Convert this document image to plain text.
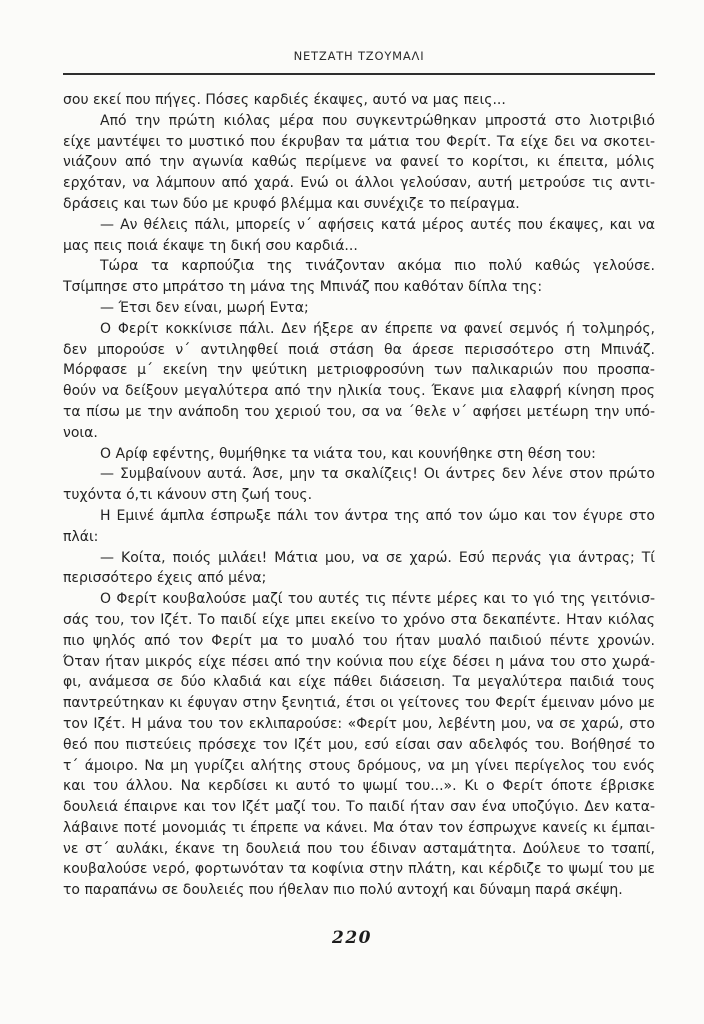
ΝΕΤΖΑΤΗ ΤΖΟΥΜΑΛΙ
σου εκεί που πήγες. Πόσες καρδιές έκαψες, αυτό να μας πεις...
Από την πρώτη κιόλας μέρα που συγκεντρώθηκαν μπροστά στο λιοτριβιό
είχε μαντέψει το μυστικό που έκρυβαν τα μάτια του Φερίτ. Τα είχε δει να σκοτει-
νιάζουν από την αγωνία καθώς περίμενε να φανεί το κορίτσι, κι έπειτα, μόλις
ερχόταν, να λάμπουν από χαρά. Ενώ οι άλλοι γελούσαν, αυτή μετρούσε τις αντι-
δράσεις και των δύο με κρυφό βλέμμα και συνέχιζε το πείραγμα.
— Αν θέλεις πάλι, μπορείς ν΄ αφήσεις κατά μέρος αυτές που έκαψες, και να
μας πεις ποιά έκαψε τη δική σου καρδιά...
Τώρα τα καρπούζια της τινάζονταν ακόμα πιο πολύ καθώς γελούσε.
Τσίμπησε στο μπράτσο τη μάνα της Μπινάζ που καθόταν δίπλα της:
— Έτσι δεν είναι, μωρή Εντα;
Ο Φερίτ κοκκίνισε πάλι. Δεν ήξερε αν έπρεπε να φανεί σεμνός ή τολμηρός,
δεν μπορούσε ν΄ αντιληφθεί ποιά στάση θα άρεσε περισσότερο στη Μπινάζ.
Μόρφασε μ΄ εκείνη την ψεύτικη μετριοφροσύνη των παλικαριών που προσπα-
θούν να δείξουν μεγαλύτερα από την ηλικία τους. Έκανε μια ελαφρή κίνηση προς
τα πίσω με την ανάποδη του χεριού του, σα να ΄θελε ν΄ αφήσει μετέωρη την υπό-
νοια.
Ο Αρίφ εφέντης, θυμήθηκε τα νιάτα του, και κουνήθηκε στη θέση του:
— Συμβαίνουν αυτά. Άσε, μην τα σκαλίζεις! Οι άντρες δεν λένε στον πρώτο
τυχόντα ό,τι κάνουν στη ζωή τους.
Η Εμινέ άμπλα έσπρωξε πάλι τον άντρα της από τον ώμο και τον έγυρε στο
πλάι:
— Κοίτα, ποιός μιλάει! Μάτια μου, να σε χαρώ. Εσύ περνάς για άντρας; Τί
περισσότερο έχεις από μένα;
Ο Φερίτ κουβαλούσε μαζί του αυτές τις πέντε μέρες και το γιό της γειτόνισ-
σάς του, τον Ιζέτ. Το παιδί είχε μπει εκείνο το χρόνο στα δεκαπέντε. Ηταν κιόλας
πιο ψηλός από τον Φερίτ μα το μυαλό του ήταν μυαλό παιδιού πέντε χρονών.
Όταν ήταν μικρός είχε πέσει από την κούνια που είχε δέσει η μάνα του στο χωρά-
φι, ανάμεσα σε δύο κλαδιά και είχε πάθει διάσειση. Τα μεγαλύτερα παιδιά τους
παντρεύτηκαν κι έφυγαν στην ξενητιά, έτσι οι γείτονες του Φερίτ έμειναν μόνο με
τον Ιζέτ. Η μάνα του τον εκλιπαρούσε: «Φερίτ μου, λεβέντη μου, να σε χαρώ, στο
θεό που πιστεύεις πρόσεχε τον Ιζέτ μου, εσύ είσαι σαν αδελφός του. Βοήθησέ το
τ΄ άμοιρο. Να μη γυρίζει αλήτης στους δρόμους, να μη γίνει περίγελος του ενός
και του άλλου. Να κερδίσει κι αυτό το ψωμί του...». Κι ο Φερίτ όποτε έβρισκε
δουλειά έπαιρνε και τον Ιζέτ μαζί του. Το παιδί ήταν σαν ένα υποζύγιο. Δεν κατα-
λάβαινε ποτέ μονομιάς τι έπρεπε να κάνει. Μα όταν τον έσπρωχνε κανείς κι έμπαι-
νε στ΄ αυλάκι, έκανε τη δουλειά που του έδιναν ασταμάτητα. Δούλευε το τσαπί,
κουβαλούσε νερό, φορτωνόταν τα κοφίνια στην πλάτη, και κέρδιζε το ψωμί του με
το παραπάνω σε δουλειές που ήθελαν πιο πολύ αντοχή και δύναμη παρά σκέψη.
220
